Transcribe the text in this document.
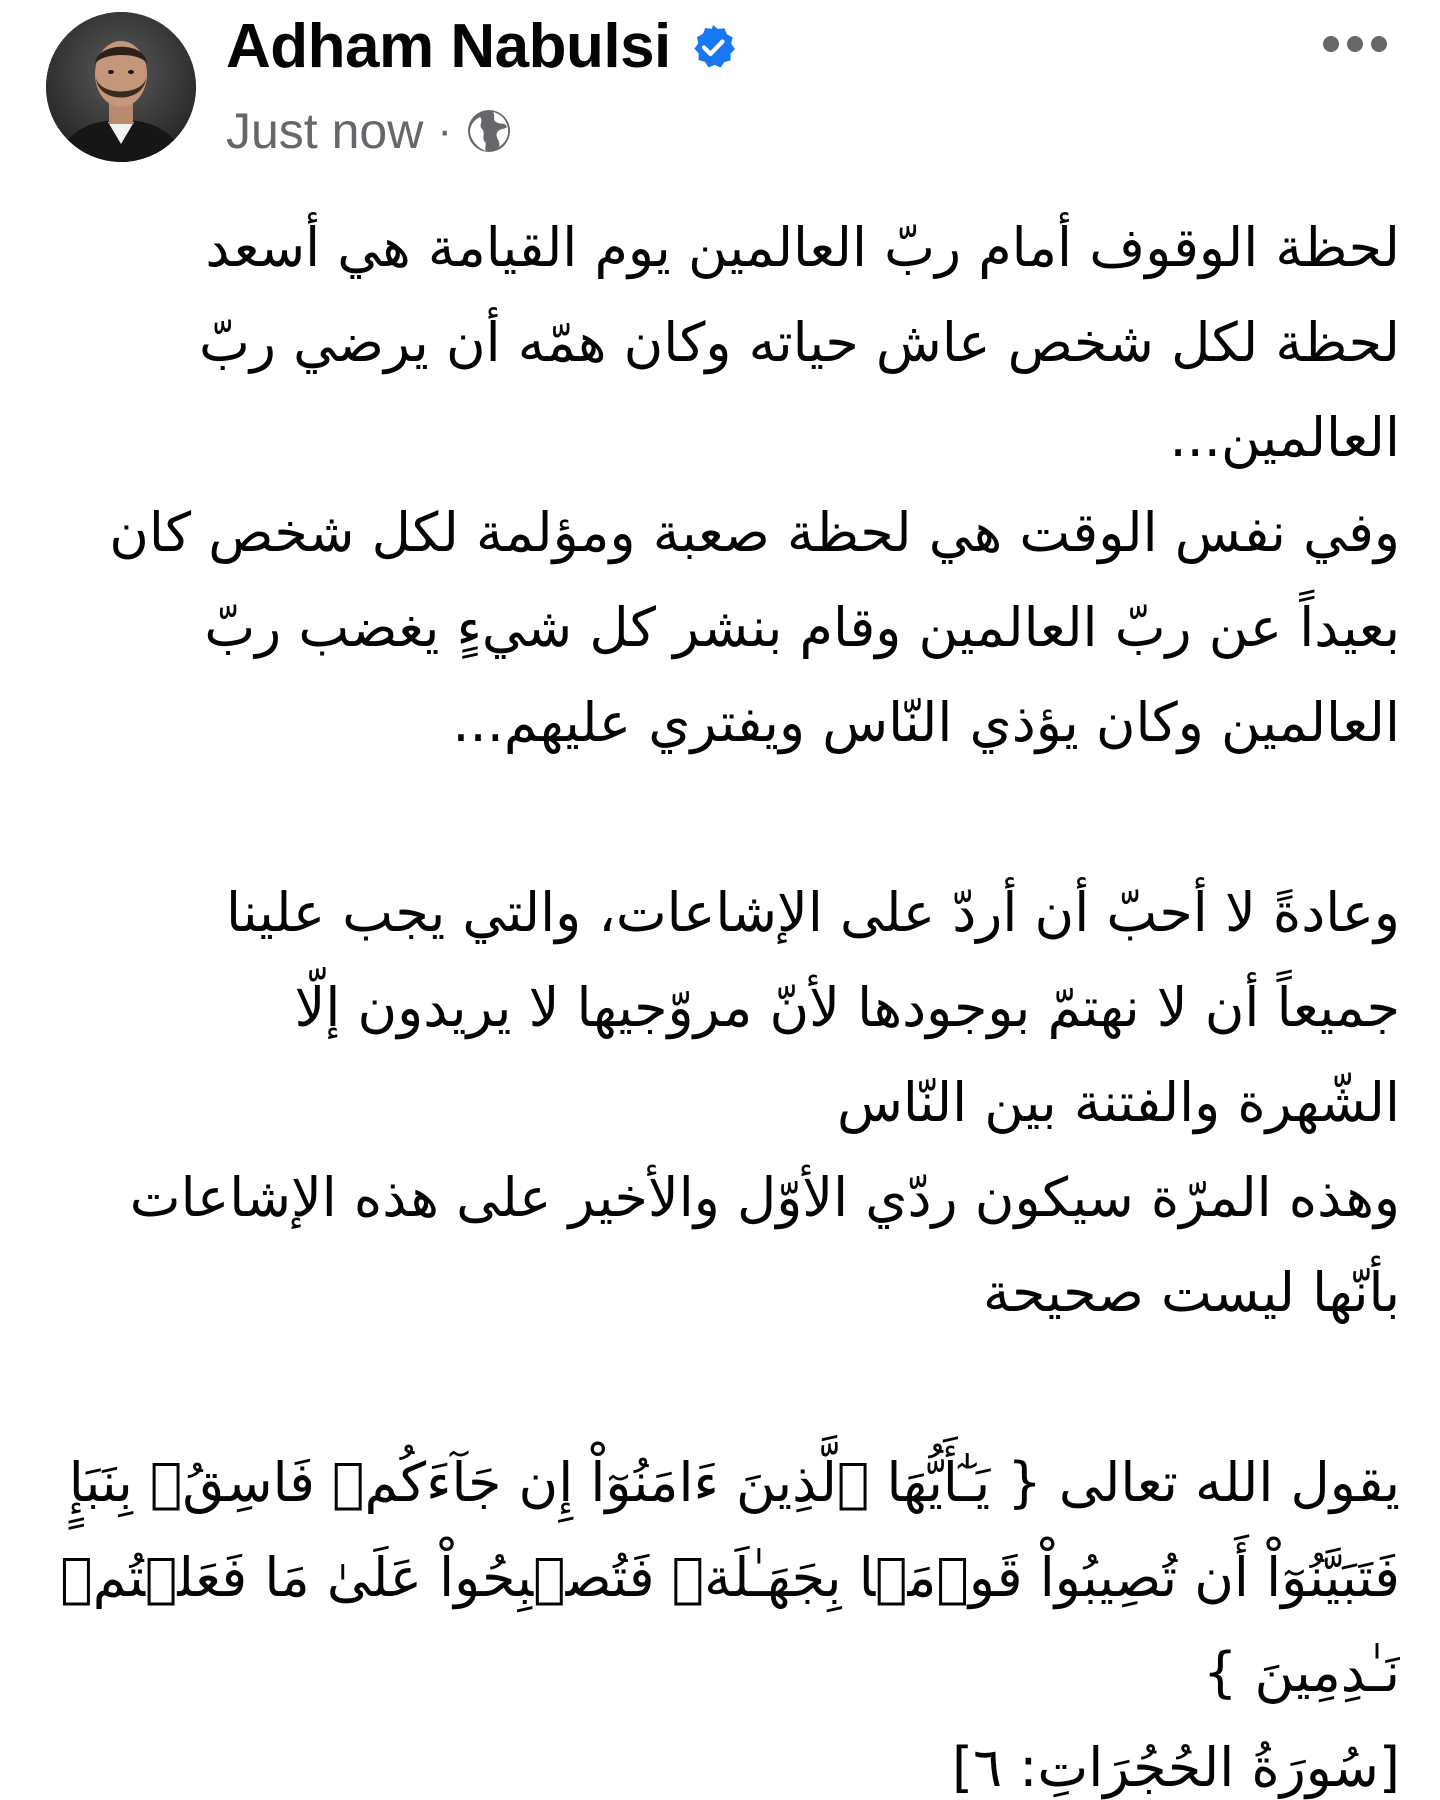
Adham Nabulsi
Just now ·
لحظة الوقوف أمام ربّ العالمين يوم القيامة هي أسعد
لحظة لكل شخص عاش حياته وكان همّه أن يرضي ربّ
العالمين...
وفي نفس الوقت هي لحظة صعبة ومؤلمة لكل شخص كان
بعيداً عن ربّ العالمين وقام بنشر كل شيءٍ يغضب ربّ
العالمين وكان يؤذي النّاس ويفتري عليهم...
وعادةً لا أحبّ أن أردّ على الإشاعات، والتي يجب علينا
جميعاً أن لا نهتمّ بوجودها لأنّ مروّجيها لا يريدون إلّا
الشّهرة والفتنة بين النّاس
وهذه المرّة سيكون ردّي الأوّل والأخير على هذه الإشاعات
بأنّها ليست صحيحة
يقول الله تعالى { يَـٰٓأَيُّهَا ٱلَّذِينَ ءَامَنُوٓاْ إِن جَآءَكُمۡ فَاسِقُۢ بِنَبَإٍ
فَتَبَيَّنُوٓاْ أَن تُصِيبُواْ قَوۡمَۢا بِجَهَـٰلَةٖ فَتُصۡبِحُواْ عَلَىٰ مَا فَعَلۡتُمۡ
نَـٰدِمِينَ }
[سُورَةُ الحُجُرَاتِ: ٦]
